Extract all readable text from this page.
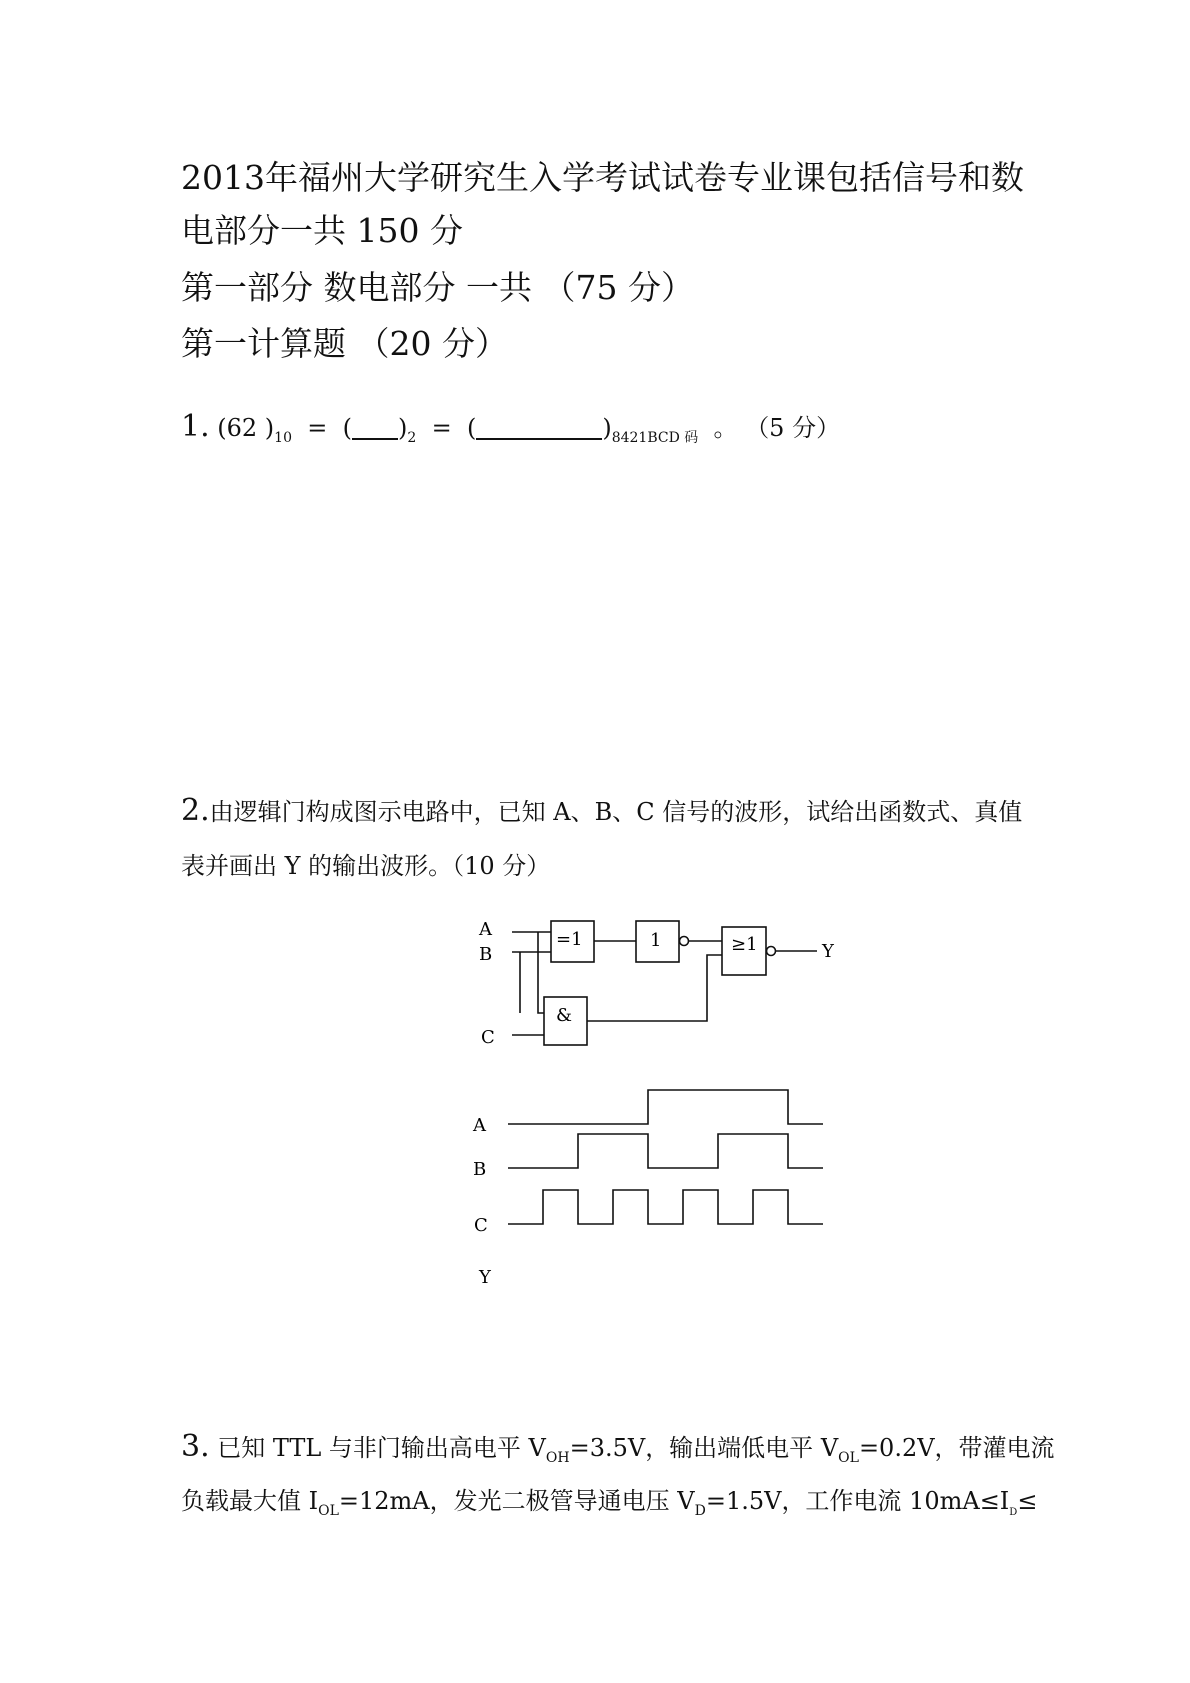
2013年福州大学研究生入学考试试卷专业课包括信号和数
电部分一共 150 分
第一部分 数电部分 一共 （75 分）
第一计算题 （20 分）
1. (62 )$_{10}$ = ( )$_2$ = (	)$_{8421BCD 码}$ 。 （5 分）
2.由逻辑门构成图示电路中，已知 A、B、C 信号的波形，试给出函数式、真值
表并画出 Y 的输出波形。（10 分）
A
B
C
Y
=1	1	≥1
&
A
B
C
Y
3. 已知 TTL 与非门输出高电平 $V_{OH}=3.5V$，输出端低电平 $V_{OL}=0.2V$，带灌电流
负载最大值 $I_{OL}=12mA$，发光二极管导通电压 $V_D=1.5V$，工作电流 $10mA\le I_D\le$
